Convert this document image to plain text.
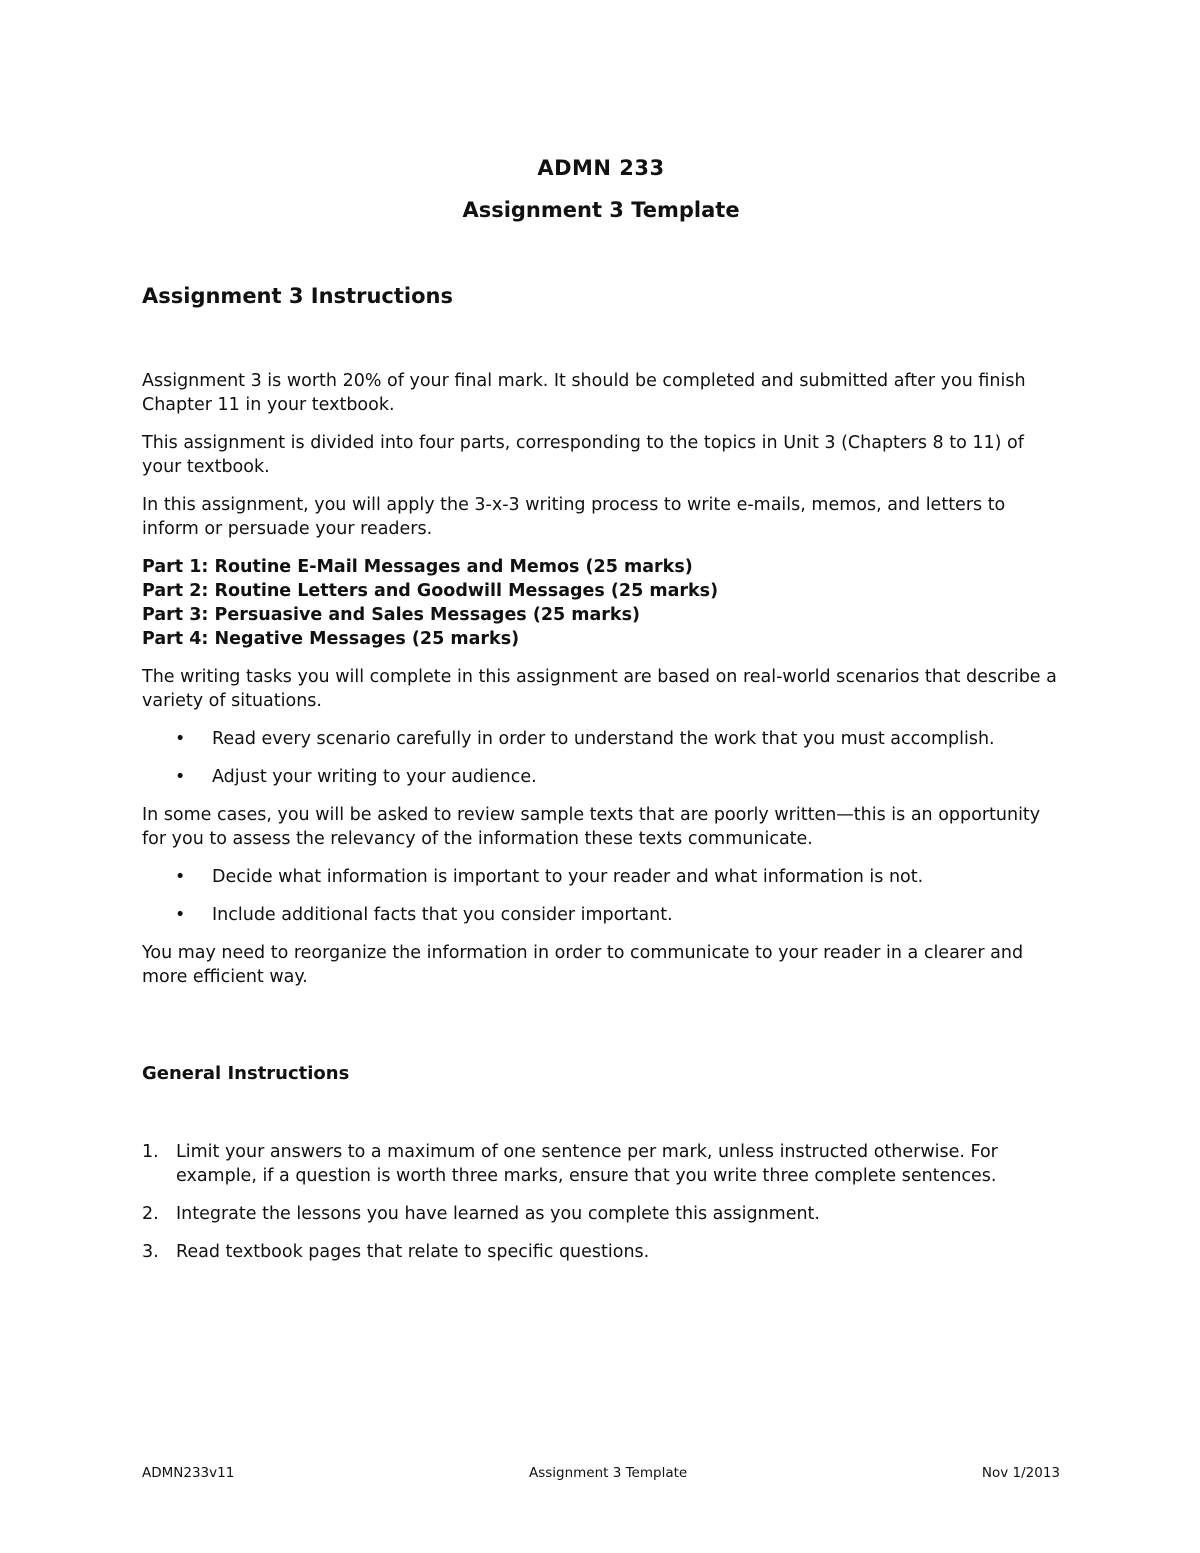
ADMN 233
Assignment 3 Template
Assignment 3 Instructions

Assignment 3 is worth 20% of your final mark. It should be completed and submitted after you finish Chapter 11 in your textbook.

This assignment is divided into four parts, corresponding to the topics in Unit 3 (Chapters 8 to 11) of your textbook.

In this assignment, you will apply the 3-x-3 writing process to write e-mails, memos, and letters to inform or persuade your readers.

Part 1: Routine E-Mail Messages and Memos (25 marks)
Part 2: Routine Letters and Goodwill Messages (25 marks)
Part 3: Persuasive and Sales Messages (25 marks)
Part 4: Negative Messages (25 marks)

The writing tasks you will complete in this assignment are based on real-world scenarios that describe a variety of situations.

• Read every scenario carefully in order to understand the work that you must accomplish.
• Adjust your writing to your audience.

In some cases, you will be asked to review sample texts that are poorly written—this is an opportunity for you to assess the relevancy of the information these texts communicate.

• Decide what information is important to your reader and what information is not.
• Include additional facts that you consider important.

You may need to reorganize the information in order to communicate to your reader in a clearer and more efficient way.

General Instructions
1. Limit your answers to a maximum of one sentence per mark, unless instructed otherwise. For example, if a question is worth three marks, ensure that you write three complete sentences.
2. Integrate the lessons you have learned as you complete this assignment.
3. Read textbook pages that relate to specific questions.
ADMN233v11	Assignment 3 Template	Nov 1/2013
